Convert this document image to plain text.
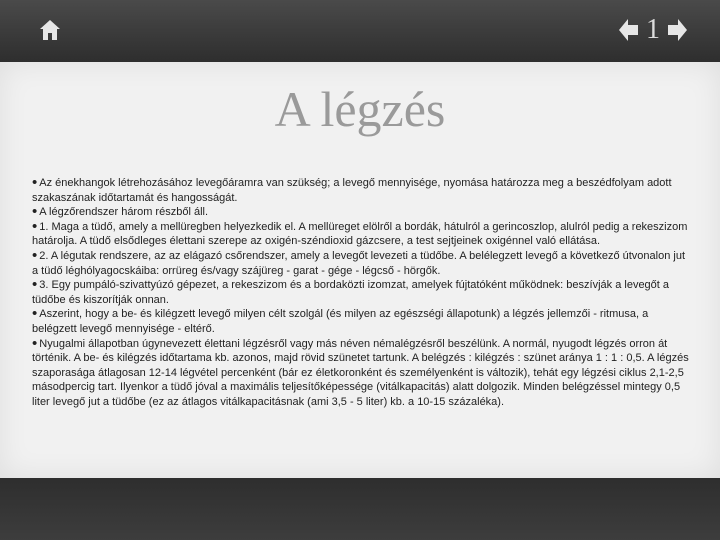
1
A légzés

• Az énekhangok létrehozásához levegőáramra van szükség; a levegő mennyisége, nyomása határozza meg a beszédfolyam adott szakaszának időtartamát és hangosságát.

• A légzőrendszer három részből áll.

• 1. Maga a tüdő, amely a mellüregben helyezkedik el. A mellüreget elölről a bordák, hátulról a gerincoszlop, alulról pedig a rekeszizom határolja. A tüdő elsődleges élettani szerepe az oxigén-széndioxid gázcsere, a test sejtjeinek oxigénnel való ellátása.

• 2. A légutak rendszere, az az elágazó csőrendszer, amely a levegőt levezeti a tüdőbe. A belélegzett levegő a következő útvonalon jut a tüdő léghólyagocskáiba: orrüreg és/vagy szájüreg - garat - gége - légcső - hörgők.

• 3. Egy pumpáló-szivattyúzó gépezet, a rekeszizom és a bordaközti izomzat, amelyek fújtatóként működnek: beszívják a levegőt a tüdőbe és kiszorítják onnan.

• Aszerint, hogy a be- és kilégzett levegő milyen célt szolgál (és milyen az egészségi állapotunk) a légzés jellemzői - ritmusa, a belégzett levegő mennyisége - eltérő.

• Nyugalmi állapotban úgynevezett élettani légzésről vagy más néven némalégzésről beszélünk. A normál, nyugodt légzés orron át történik. A be- és kilégzés időtartama kb. azonos, majd rövid szünetet tartunk. A belégzés : kilégzés : szünet aránya 1 : 1 : 0,5. A légzés szaporasága átlagosan 12-14 légvétel percenként (bár ez életkoronként és személyenként is változik), tehát egy légzési ciklus 2,1-2,5 másodpercig tart. Ilyenkor a tüdő jóval a maximális teljesítőképessége (vitálkapacitás) alatt dolgozik. Minden belégzéssel mintegy 0,5 liter levegő jut a tüdőbe (ez az átlagos vitálkapacitásnak (ami 3,5 - 5 liter) kb. a 10-15 százaléka).
